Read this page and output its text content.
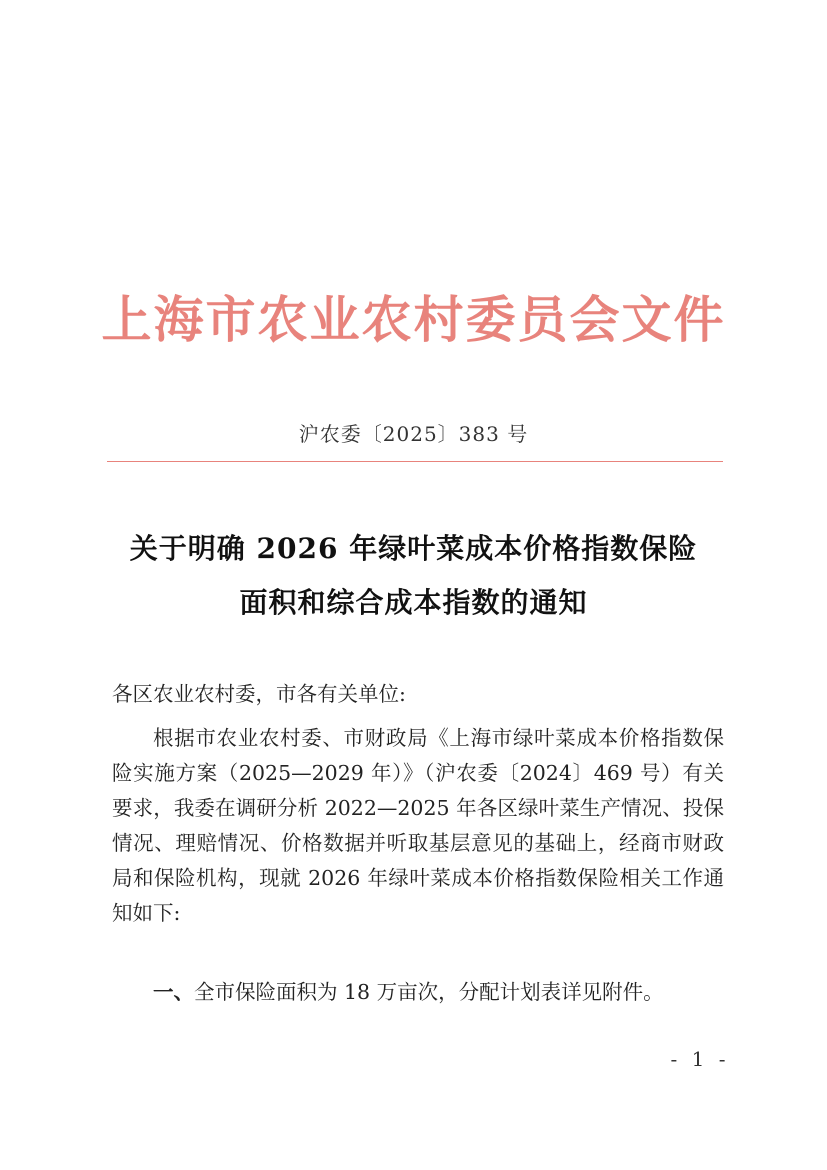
上海市农业农村委员会文件
沪农委〔2025〕383 号
关于明确 2026 年绿叶菜成本价格指数保险
面积和综合成本指数的通知
各区农业农村委，市各有关单位:
根据市农业农村委、市财政局《上海市绿叶菜成本价格指数保险实施方案（2025—2029 年）》（沪农委〔2024〕469 号）有关要求，我委在调研分析 2022—2025 年各区绿叶菜生产情况、投保情况、理赔情况、价格数据并听取基层意见的基础上，经商市财政局和保险机构，现就 2026 年绿叶菜成本价格指数保险相关工作通知如下:
一、全市保险面积为 18 万亩次，分配计划表详见附件。
- 1 -
